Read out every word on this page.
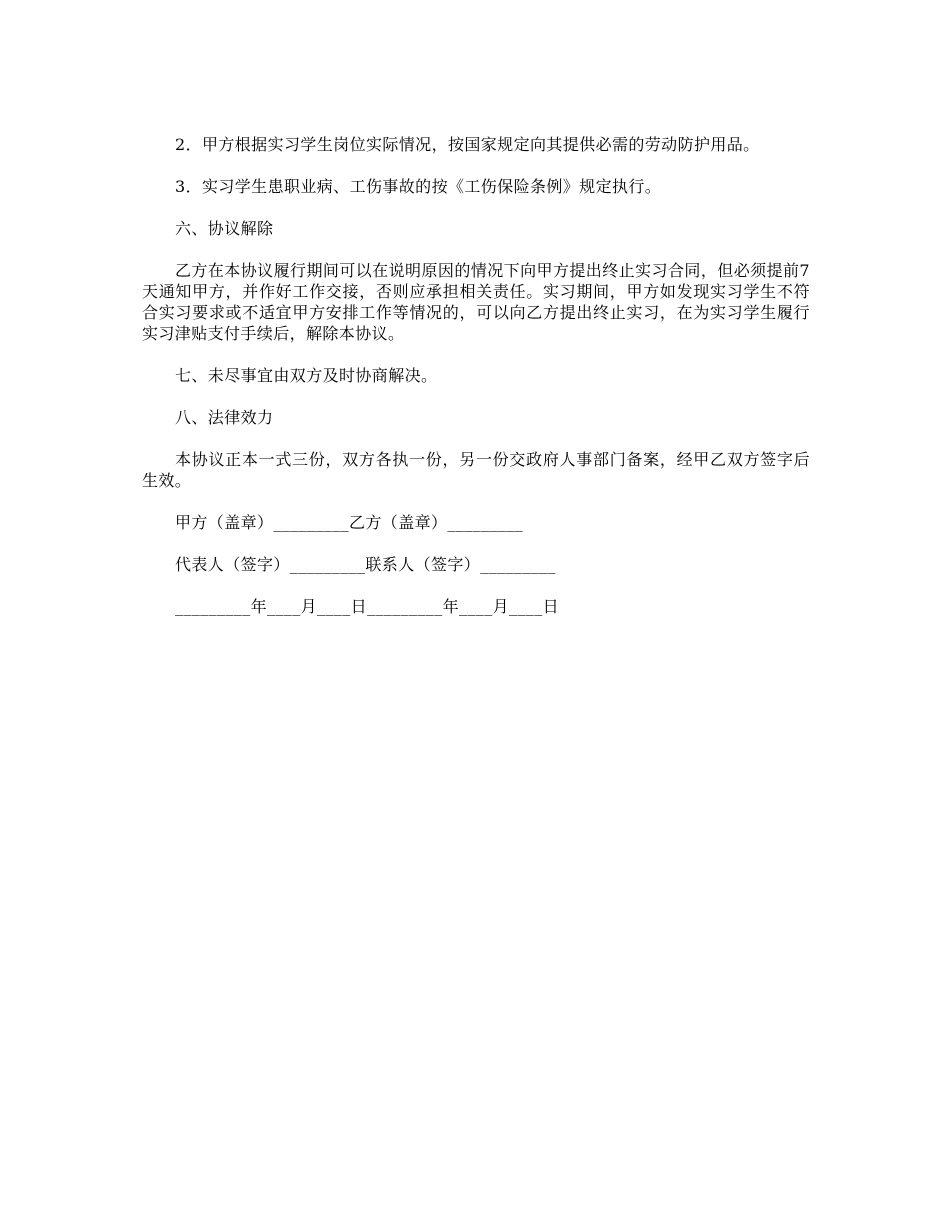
2．甲方根据实习学生岗位实际情况，按国家规定向其提供必需的劳动防护用品。

3．实习学生患职业病、工伤事故的按《工伤保险条例》规定执行。

六、协议解除

乙方在本协议履行期间可以在说明原因的情况下向甲方提出终止实习合同，但必须提前7天通知甲方，并作好工作交接，否则应承担相关责任。实习期间，甲方如发现实习学生不符合实习要求或不适宜甲方安排工作等情况的，可以向乙方提出终止实习，在为实习学生履行实习津贴支付手续后，解除本协议。

七、未尽事宜由双方及时协商解决。

八、法律效力

本协议正本一式三份，双方各执一份，另一份交政府人事部门备案，经甲乙双方签字后生效。

甲方（盖章）_________乙方（盖章）_________

代表人（签字）_________联系人（签字）_________

_________年____月____日_________年____月____日
